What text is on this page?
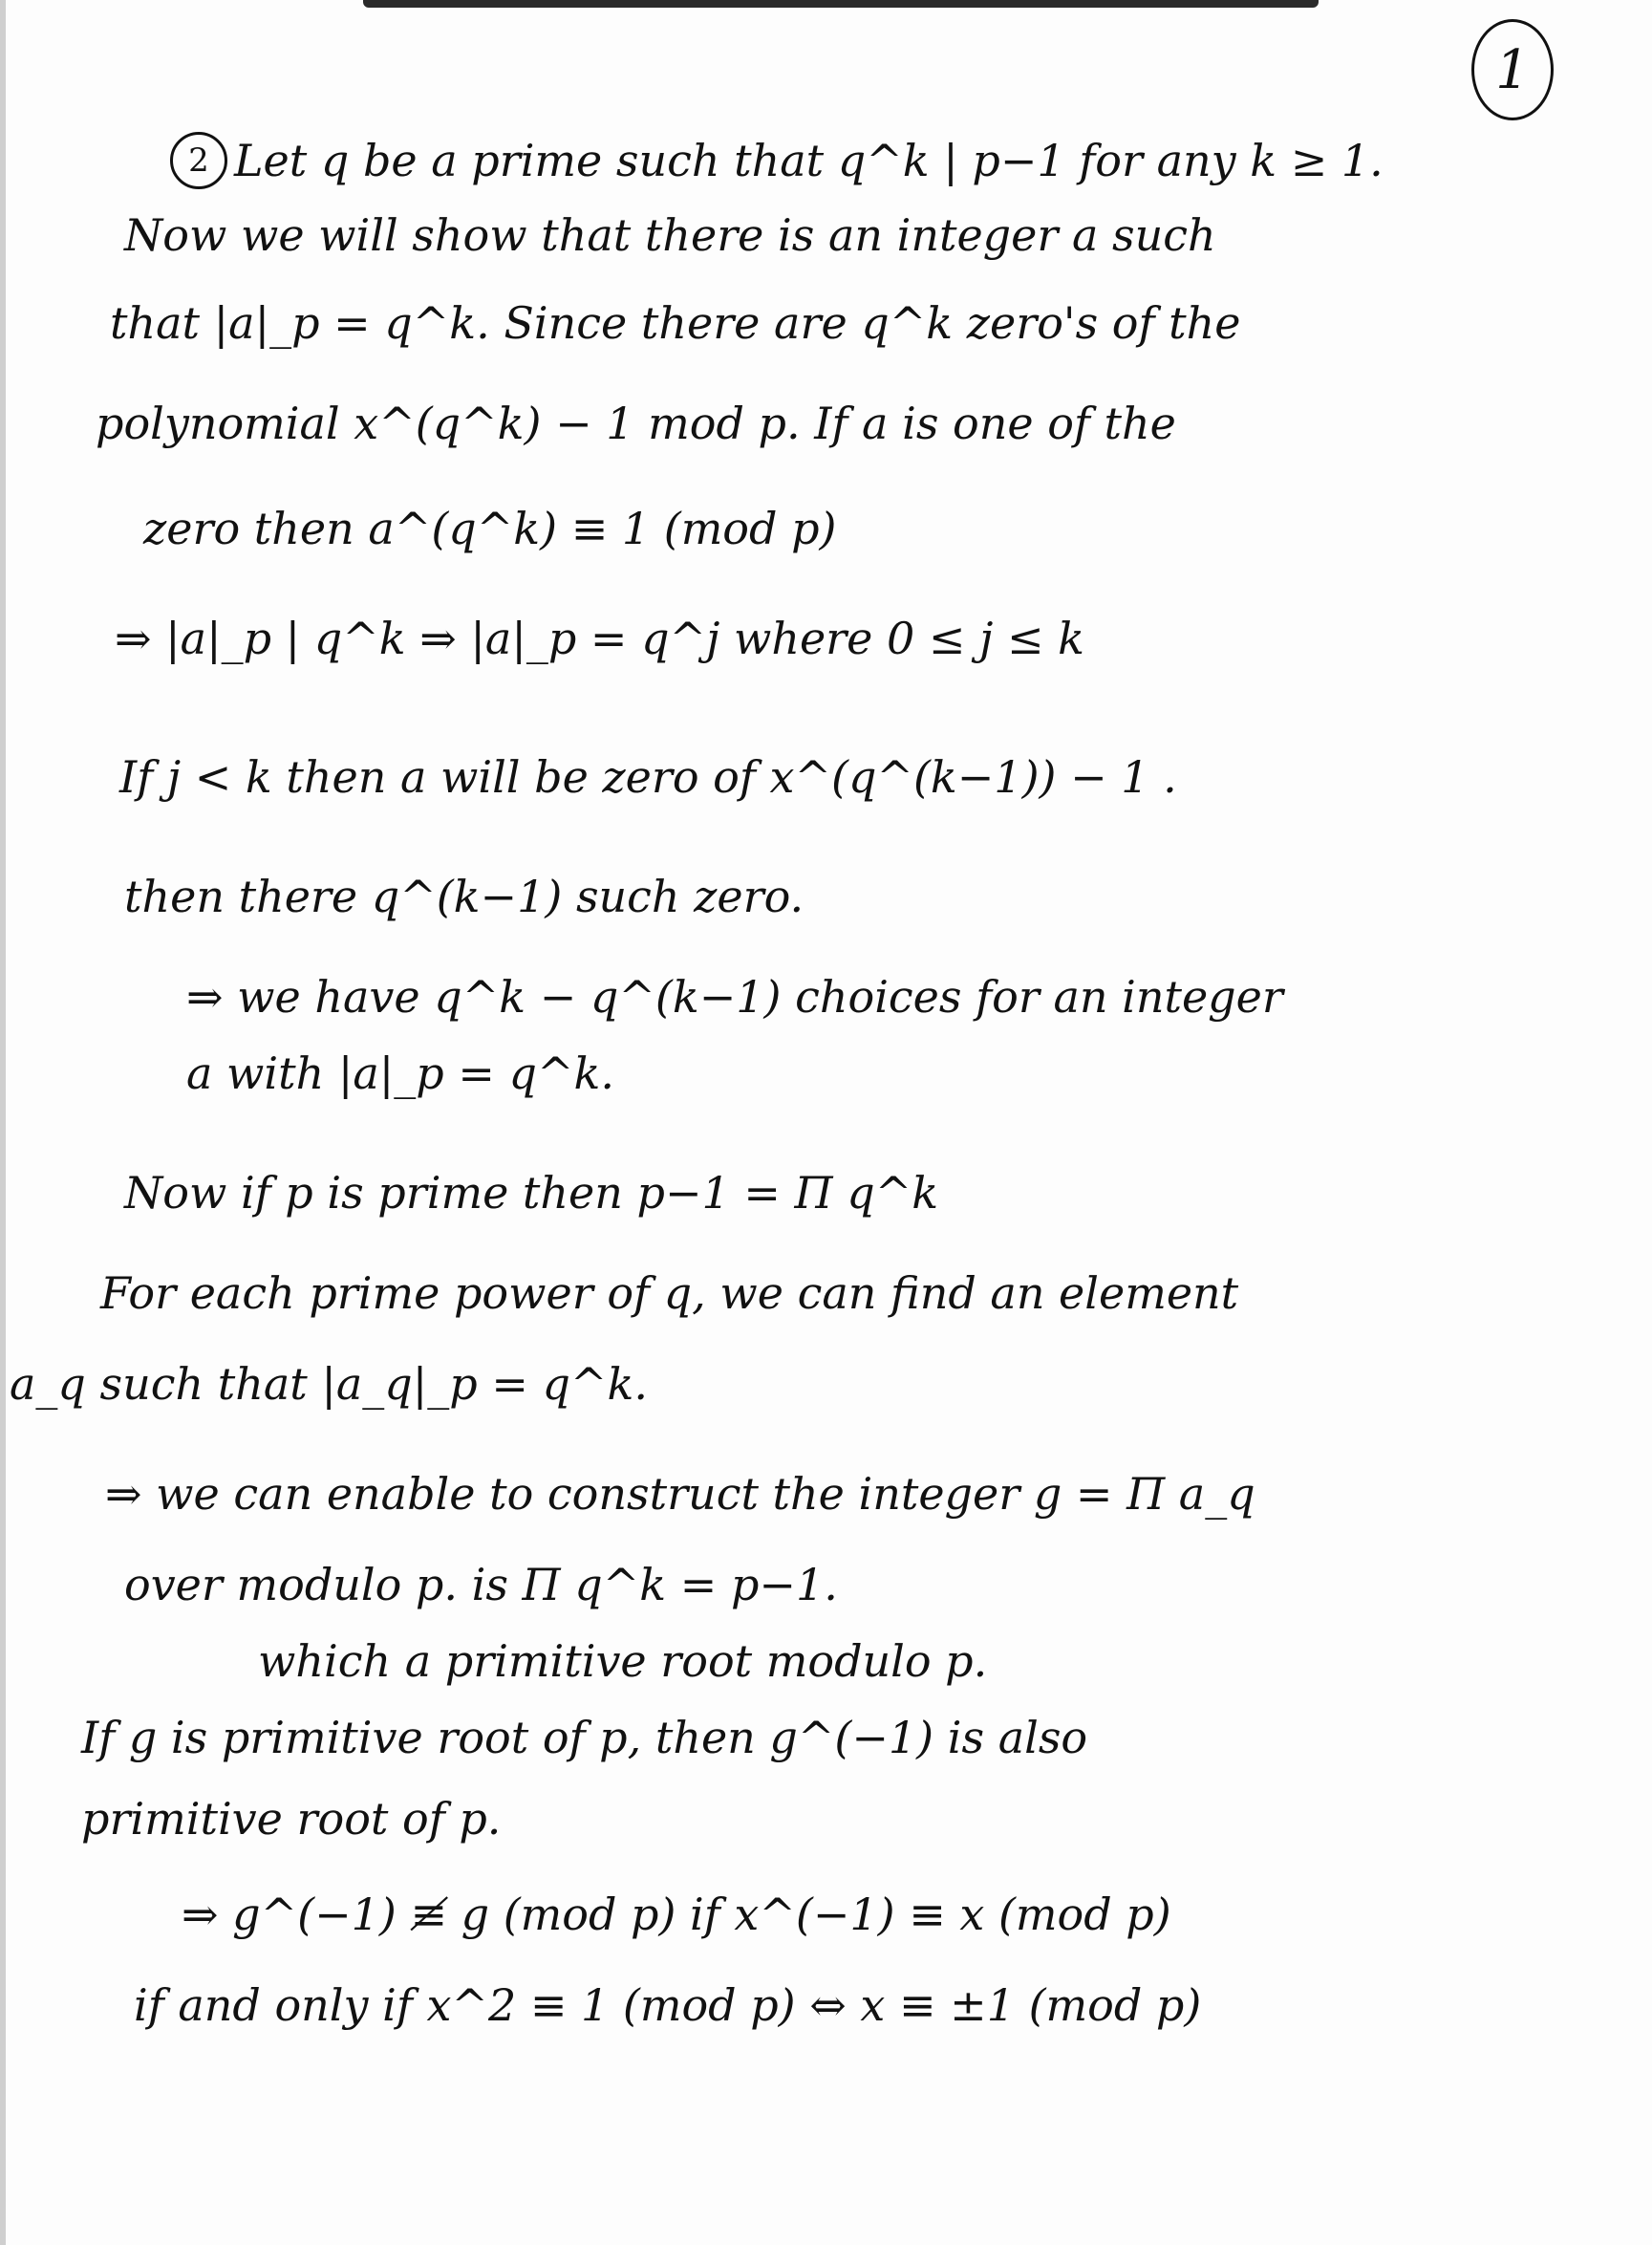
1
2 Let q be a prime such that q^k | p−1 for any k ≥ 1.
Now we will show that there is an integer a such
that |a|_p = q^k. Since there are q^k zero's of the
polynomial x^(q^k) − 1 mod p. If a is one of the
zero then a^(q^k) ≡ 1 (mod p)
⇒ |a|_p | q^k ⇒ |a|_p = q^j where 0 ≤ j ≤ k
If j < k then a will be zero of x^(q^(k−1)) − 1 .
then there q^(k−1) such zero.
⇒ we have q^k − q^(k−1) choices for an integer
a with |a|_p = q^k.
Now if p is prime then p−1 = Π q^k
For each prime power of q, we can find an element
a_q such that |a_q|_p = q^k.
⇒ we can enable to construct the integer g = Π a_q
over modulo p. is Π q^k = p−1.
which a primitive root modulo p.
If g is primitive root of p, then g^(−1) is also
primitive root of p.
⇒ g^(−1) ≢ g (mod p) if x^(−1) ≡ x (mod p)
if and only if x^2 ≡ 1 (mod p) ⇔ x ≡ ±1 (mod p)
